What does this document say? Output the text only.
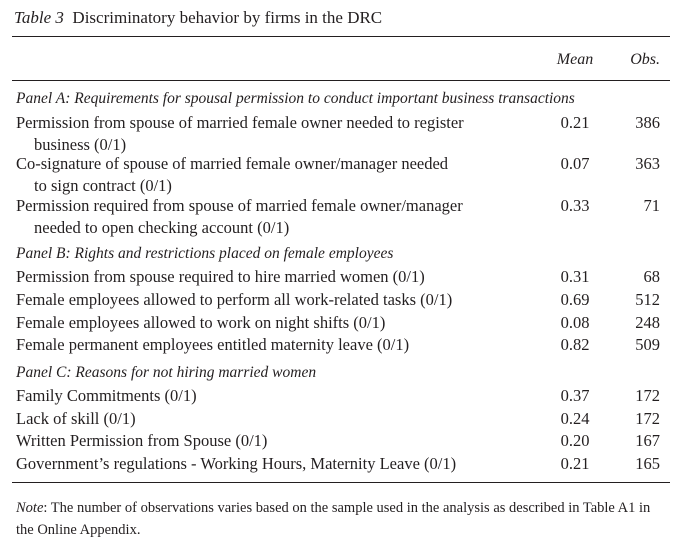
Table 3 Discriminatory behavior by firms in the DRC
Mean	Obs.
Panel A: Requirements for spousal permission to conduct important business transactions
Permission from spouse of married female owner needed to register
business (0/1)
0.21	386
Co-signature of spouse of married female owner/manager needed
to sign contract (0/1)
0.07	363
Permission required from spouse of married female owner/manager
needed to open checking account (0/1)
0.33	71
Panel B: Rights and restrictions placed on female employees
Permission from spouse required to hire married women (0/1)	0.31	68
Female employees allowed to perform all work-related tasks (0/1)	0.69	512
Female employees allowed to work on night shifts (0/1)	0.08	248
Female permanent employees entitled maternity leave (0/1)	0.82	509
Panel C: Reasons for not hiring married women
Family Commitments (0/1)	0.37	172
Lack of skill (0/1)	0.24	172
Written Permission from Spouse (0/1)	0.20	167
Government’s regulations - Working Hours, Maternity Leave (0/1)	0.21	165
Note: The number of observations varies based on the sample used in the analysis as described in Table A1 in the Online Appendix.
